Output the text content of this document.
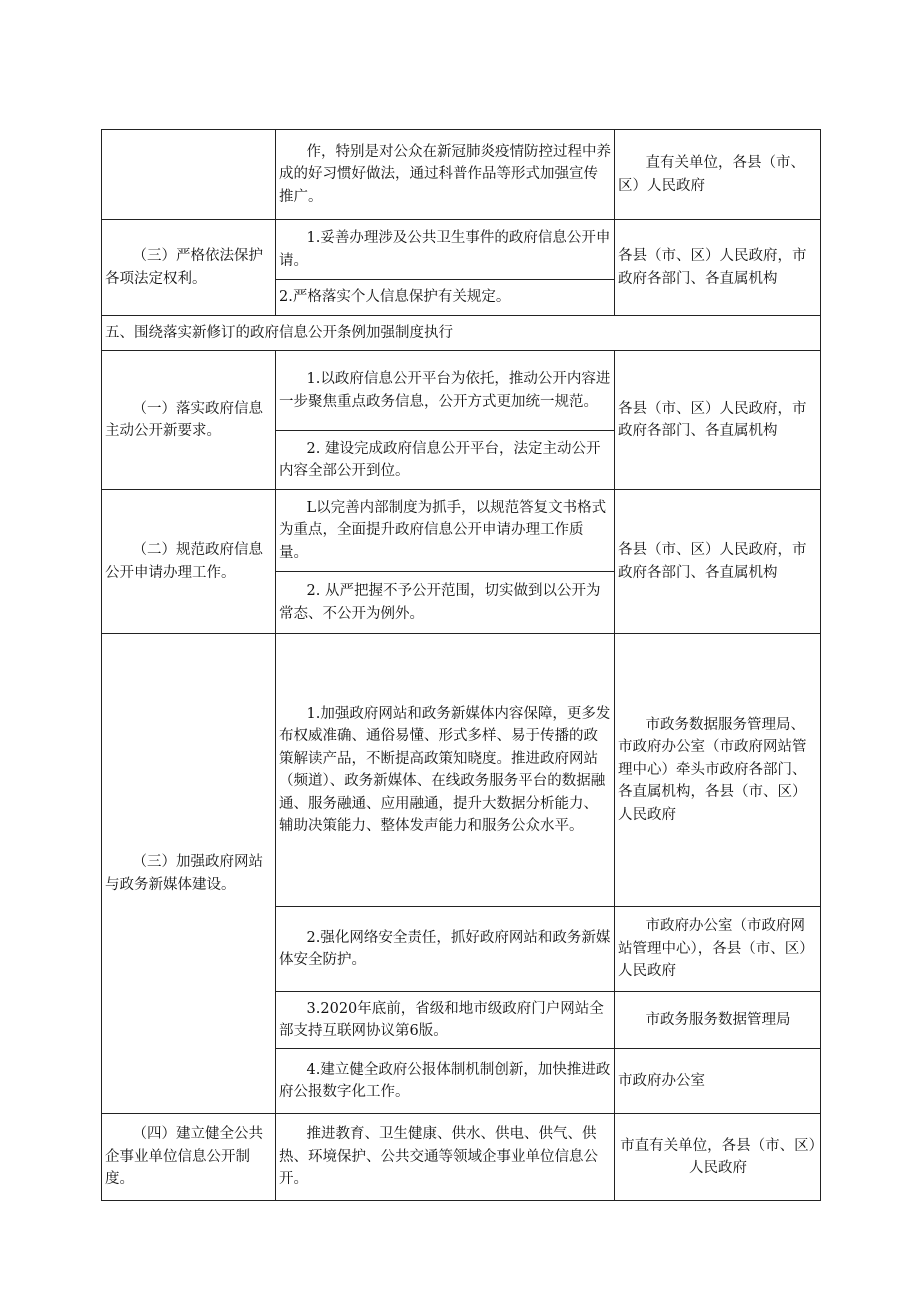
	作，特别是对公众在新冠肺炎疫情防控过程中养成的好习惯好做法，通过科普作品等形式加强宣传推广。	直有关单位，各县（市、区）人民政府
（三）严格依法保护各项法定权利。	1.妥善办理涉及公共卫生事件的政府信息公开申请。	各县（市、区）人民政府，市政府各部门、各直属机构
	2.严格落实个人信息保护有关规定。	
五、围绕落实新修订的政府信息公开条例加强制度执行		
（一）落实政府信息主动公开新要求。	1.以政府信息公开平台为依托，推动公开内容进一步聚焦重点政务信息，公开方式更加统一规范。	各县（市、区）人民政府，市政府各部门、各直属机构
	2. 建设完成政府信息公开平台，法定主动公开内容全部公开到位。	
（二）规范政府信息公开申请办理工作。	L以完善内部制度为抓手，以规范答复文书格式为重点，全面提升政府信息公开申请办理工作质量。	各县（市、区）人民政府，市政府各部门、各直属机构
	2. 从严把握不予公开范围，切实做到以公开为常态、不公开为例外。	
（三）加强政府网站与政务新媒体建设。	1.加强政府网站和政务新媒体内容保障，更多发布权威准确、通俗易懂、形式多样、易于传播的政策解读产品，不断提高政策知晓度。推进政府网站（频道）、政务新媒体、在线政务服务平台的数据融通、服务融通、应用融通，提升大数据分析能力、辅助决策能力、整体发声能力和服务公众水平。	市政务数据服务管理局、市政府办公室（市政府网站管理中心）牵头市政府各部门、各直属机构，各县（市、区）人民政府
	2.强化网络安全责任，抓好政府网站和政务新媒体安全防护。	市政府办公室（市政府网站管理中心），各县（市、区）人民政府
	3.2020年底前，省级和地市级政府门户网站全部支持互联网协议第6版。	市政务服务数据管理局
	4.建立健全政府公报体制机制创新，加快推进政府公报数字化工作。	市政府办公室
（四）建立健全公共企事业单位信息公开制度。	推进教育、卫生健康、供水、供电、供气、供热、环境保护、公共交通等领域企事业单位信息公开。	市直有关单位，各县（市、区）人民政府
